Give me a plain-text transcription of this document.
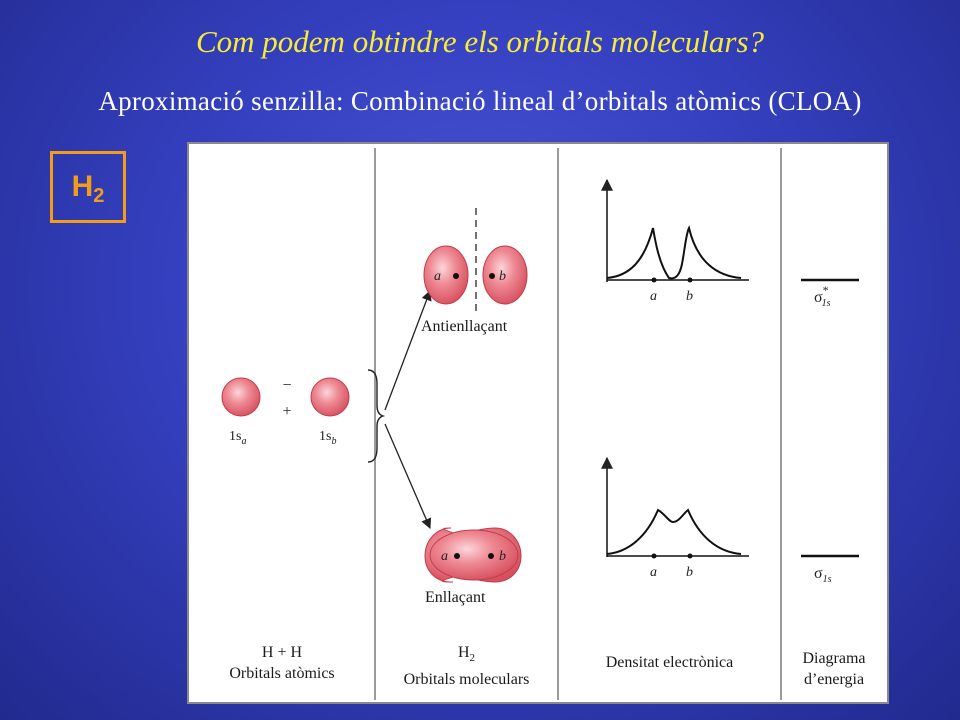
Com podem obtindre els orbitals moleculars?
Aproximació senzilla: Combinació lineal d’orbitals atòmics (CLOA)
$H_2$
−
+
$1s_a$	$1s_b$
a	b
a	b
a b
a b
σ* 1s
$\sigma_{1s}$
Antienllaçant
Enllaçant
H + H
Orbitals atòmics
$H_2$
Orbitals moleculars
Densitat electrònica	Diagrama
d’energia
